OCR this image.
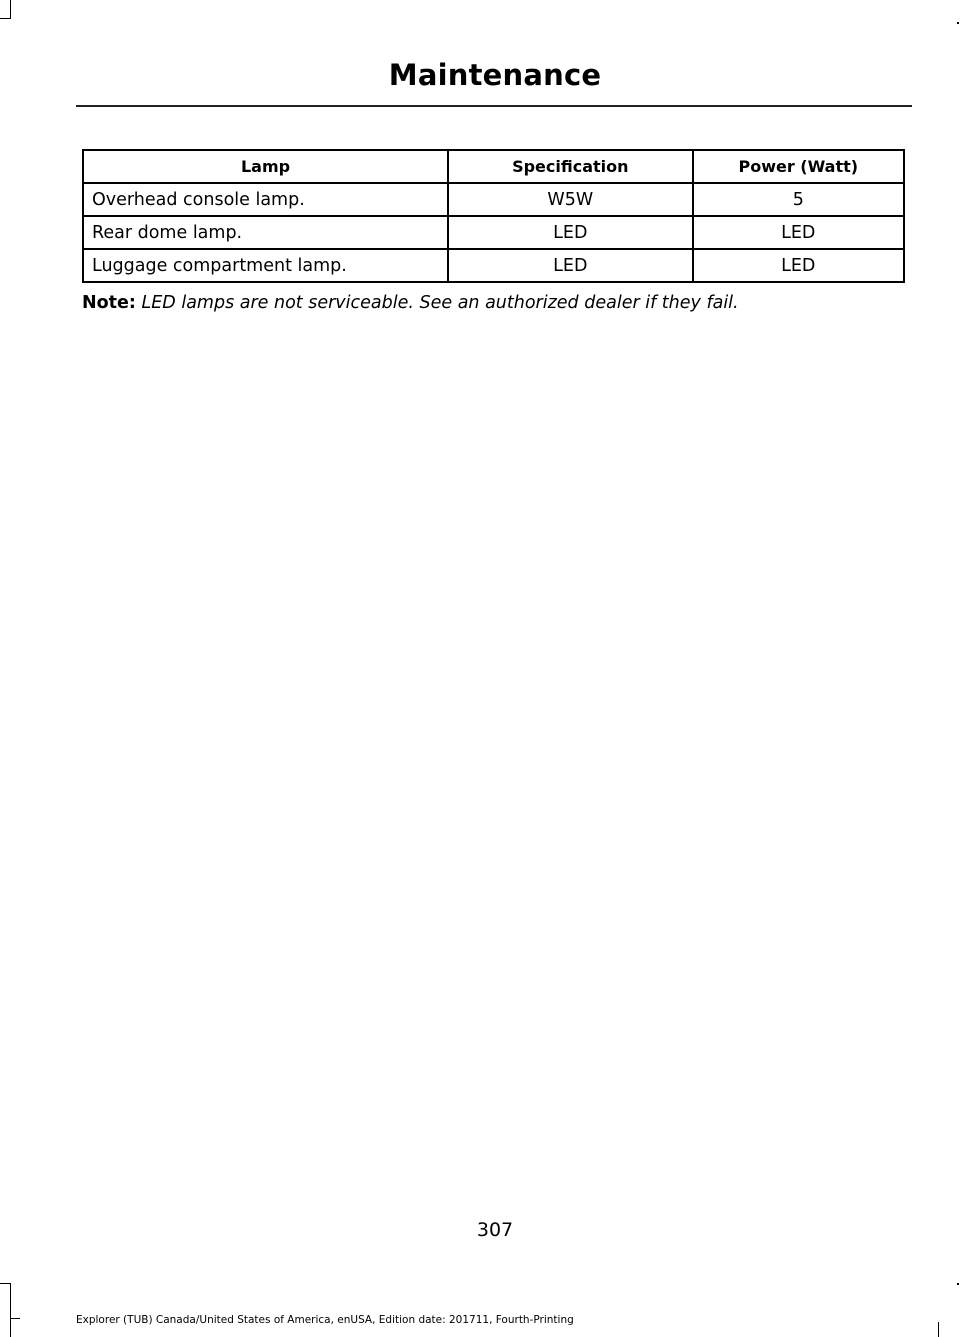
Maintenance
Lamp	Specification	Power (Watt)
Overhead console lamp.	W5W	5
Rear dome lamp.	LED	LED
Luggage compartment lamp.	LED	LED
Note: LED lamps are not serviceable. See an authorized dealer if they fail.
307
Explorer (TUB) Canada/United States of America, enUSA, Edition date: 201711, Fourth-Printing
